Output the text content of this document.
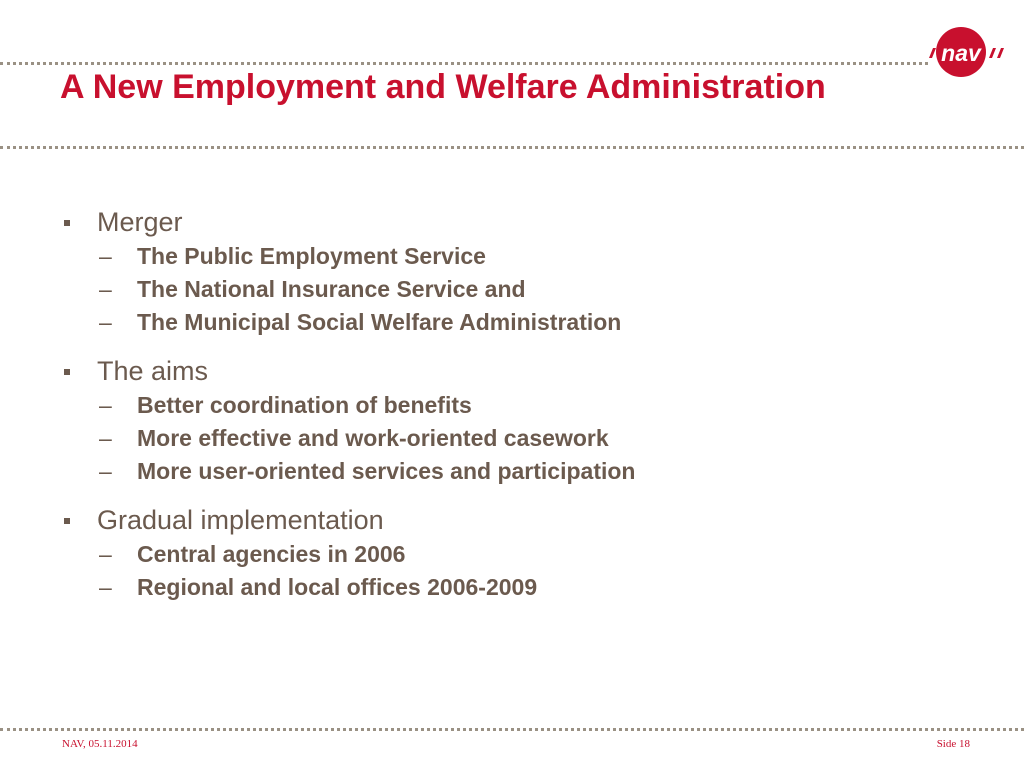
nav
A New Employment and Welfare Administration
Merger
– The Public Employment Service
– The National Insurance Service and
– The Municipal Social Welfare Administration
The aims
– Better coordination of benefits
– More effective and work-oriented casework
– More user-oriented services and participation
Gradual implementation
– Central agencies in 2006
– Regional and local offices 2006-2009
NAV, 05.11.2014	Side 18
